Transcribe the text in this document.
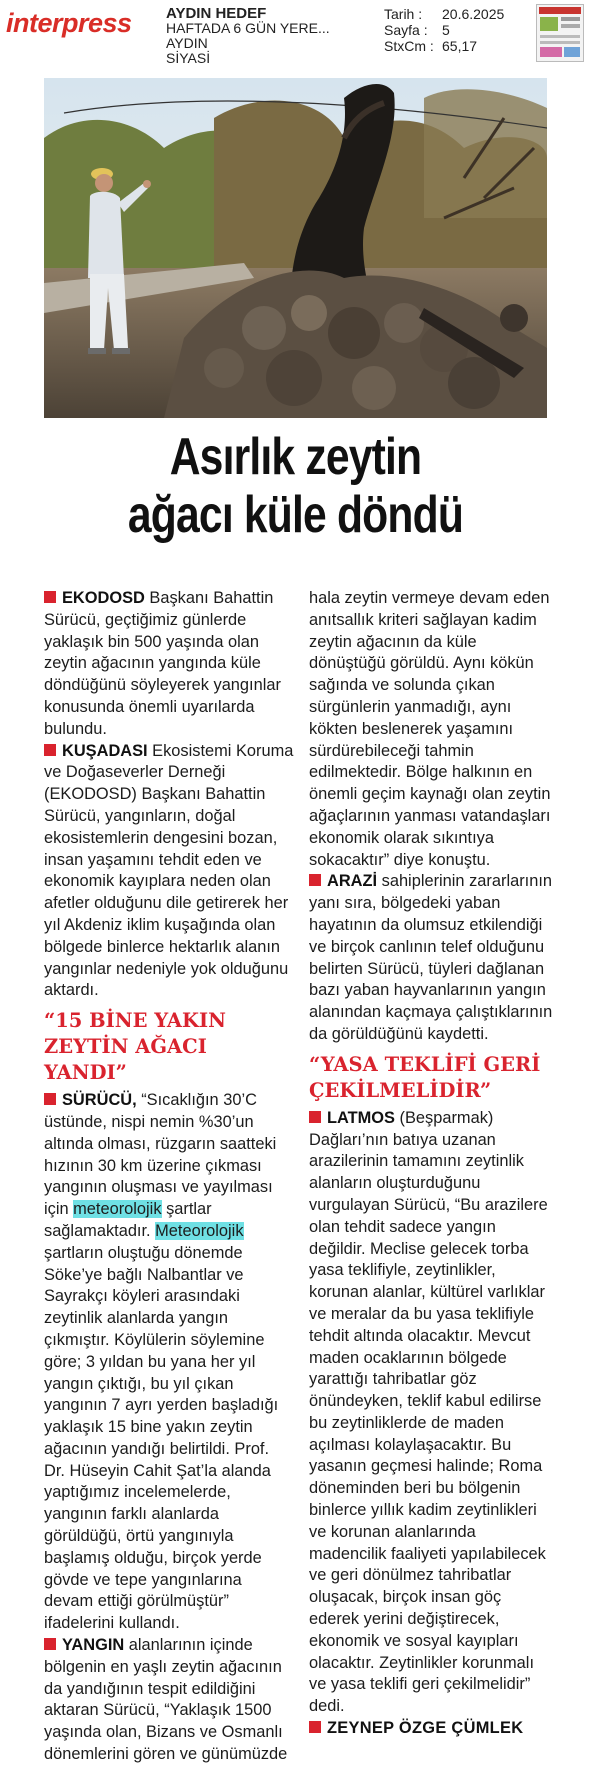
interpress AYDIN HEDEF
HAFTADA 6 GÜN YERE...
AYDIN
SİYASİ
Tarih : 20.6.2025
Sayfa : 5
StxCm : 65,17
Asırlık zeytin
ağacı küle döndü

EKODOSD Başkanı Bahattin Sürücü, geçtiğimiz günlerde yaklaşık bin 500 yaşında olan zeytin ağacının yangında küle döndüğünü söyleyerek yangınlar konusunda önemli uyarılarda bulundu.

KUŞADASI Ekosistemi Koruma ve Doğaseverler Derneği (EKODOSD) Başkanı Bahattin Sürücü, yangınların, doğal ekosistemlerin dengesini bozan, insan yaşamını tehdit eden ve ekonomik kayıplara neden olan afetler olduğunu dile getirerek her yıl Akdeniz iklim kuşağında olan bölgede binlerce hektarlık alanın yangınlar nedeniyle yok olduğunu aktardı.

“15 BİNE YAKIN ZEYTİN AĞACI YANDI”

SÜRÜCÜ, “Sıcaklığın 30’C üstünde, nispi nemin %30’un altında olması, rüzgarın saatteki hızının 30 km üzerine çıkması yangının oluşması ve yayılması için meteorolojik şartlar sağlamaktadır. Meteorolojik şartların oluştuğu dönemde Söke’ye bağlı Nalbantlar ve Sayrakçı köyleri arasındaki zeytinlik alanlarda yangın çıkmıştır. Köylülerin söylemine göre; 3 yıldan bu yana her yıl yangın çıktığı, bu yıl çıkan yangının 7 ayrı yerden başladığı yaklaşık 15 bine yakın zeytin ağacının yandığı belirtildi. Prof. Dr. Hüseyin Cahit Şat’la alanda yaptığımız incelemelerde, yangının farklı alanlarda görüldüğü, örtü yangınıyla başlamış olduğu, birçok yerde gövde ve tepe yangınlarına devam ettiği görülmüştür” ifadelerini kullandı.

YANGIN alanlarının içinde bölgenin en yaşlı zeytin ağacının da yandığının tespit edildiğini aktaran Sürücü, “Yaklaşık 1500 yaşında olan, Bizans ve Osmanlı dönemlerini gören ve günümüzde

hala zeytin vermeye devam eden anıtsallık kriteri sağlayan kadim zeytin ağacının da küle dönüştüğü görüldü. Aynı kökün sağında ve solunda çıkan sürgünlerin yanmadığı, aynı kökten beslenerek yaşamını sürdürebileceği tahmin edilmektedir. Bölge halkının en önemli geçim kaynağı olan zeytin ağaçlarının yanması vatandaşları ekonomik olarak sıkıntıya sokacaktır” diye konuştu.

ARAZİ sahiplerinin zararlarının yanı sıra, bölgedeki yaban hayatının da olumsuz etkilendiği ve birçok canlının telef olduğunu belirten Sürücü, tüyleri dağlanan bazı yaban hayvanlarının yangın alanından kaçmaya çalıştıklarının da görüldüğünü kaydetti.

“YASA TEKLİFİ GERİ ÇEKİLMELİDİR”

LATMOS (Beşparmak) Dağları’nın batıya uzanan arazilerinin tamamını zeytinlik alanların oluşturduğunu vurgulayan Sürücü, “Bu arazilere olan tehdit sadece yangın değildir. Meclise gelecek torba yasa teklifiyle, zeytinlikler, korunan alanlar, kültürel varlıklar ve meralar da bu yasa teklifiyle tehdit altında olacaktır. Mevcut maden ocaklarının bölgede yarattığı tahribatlar göz önündeyken, teklif kabul edilirse bu zeytinliklerde de maden açılması kolaylaşacaktır. Bu yasanın geçmesi halinde; Roma döneminden beri bu bölgenin binlerce yıllık kadim zeytinlikleri ve korunan alanlarında madencilik faaliyeti yapılabilecek ve geri dönülmez tahribatlar oluşacak, birçok insan göç ederek yerini değiştirecek, ekonomik ve sosyal kayıpları olacaktır. Zeytinlikler korunmalı ve yasa teklifi geri çekilmelidir” dedi.

ZEYNEP ÖZGE ÇÜMLEK
